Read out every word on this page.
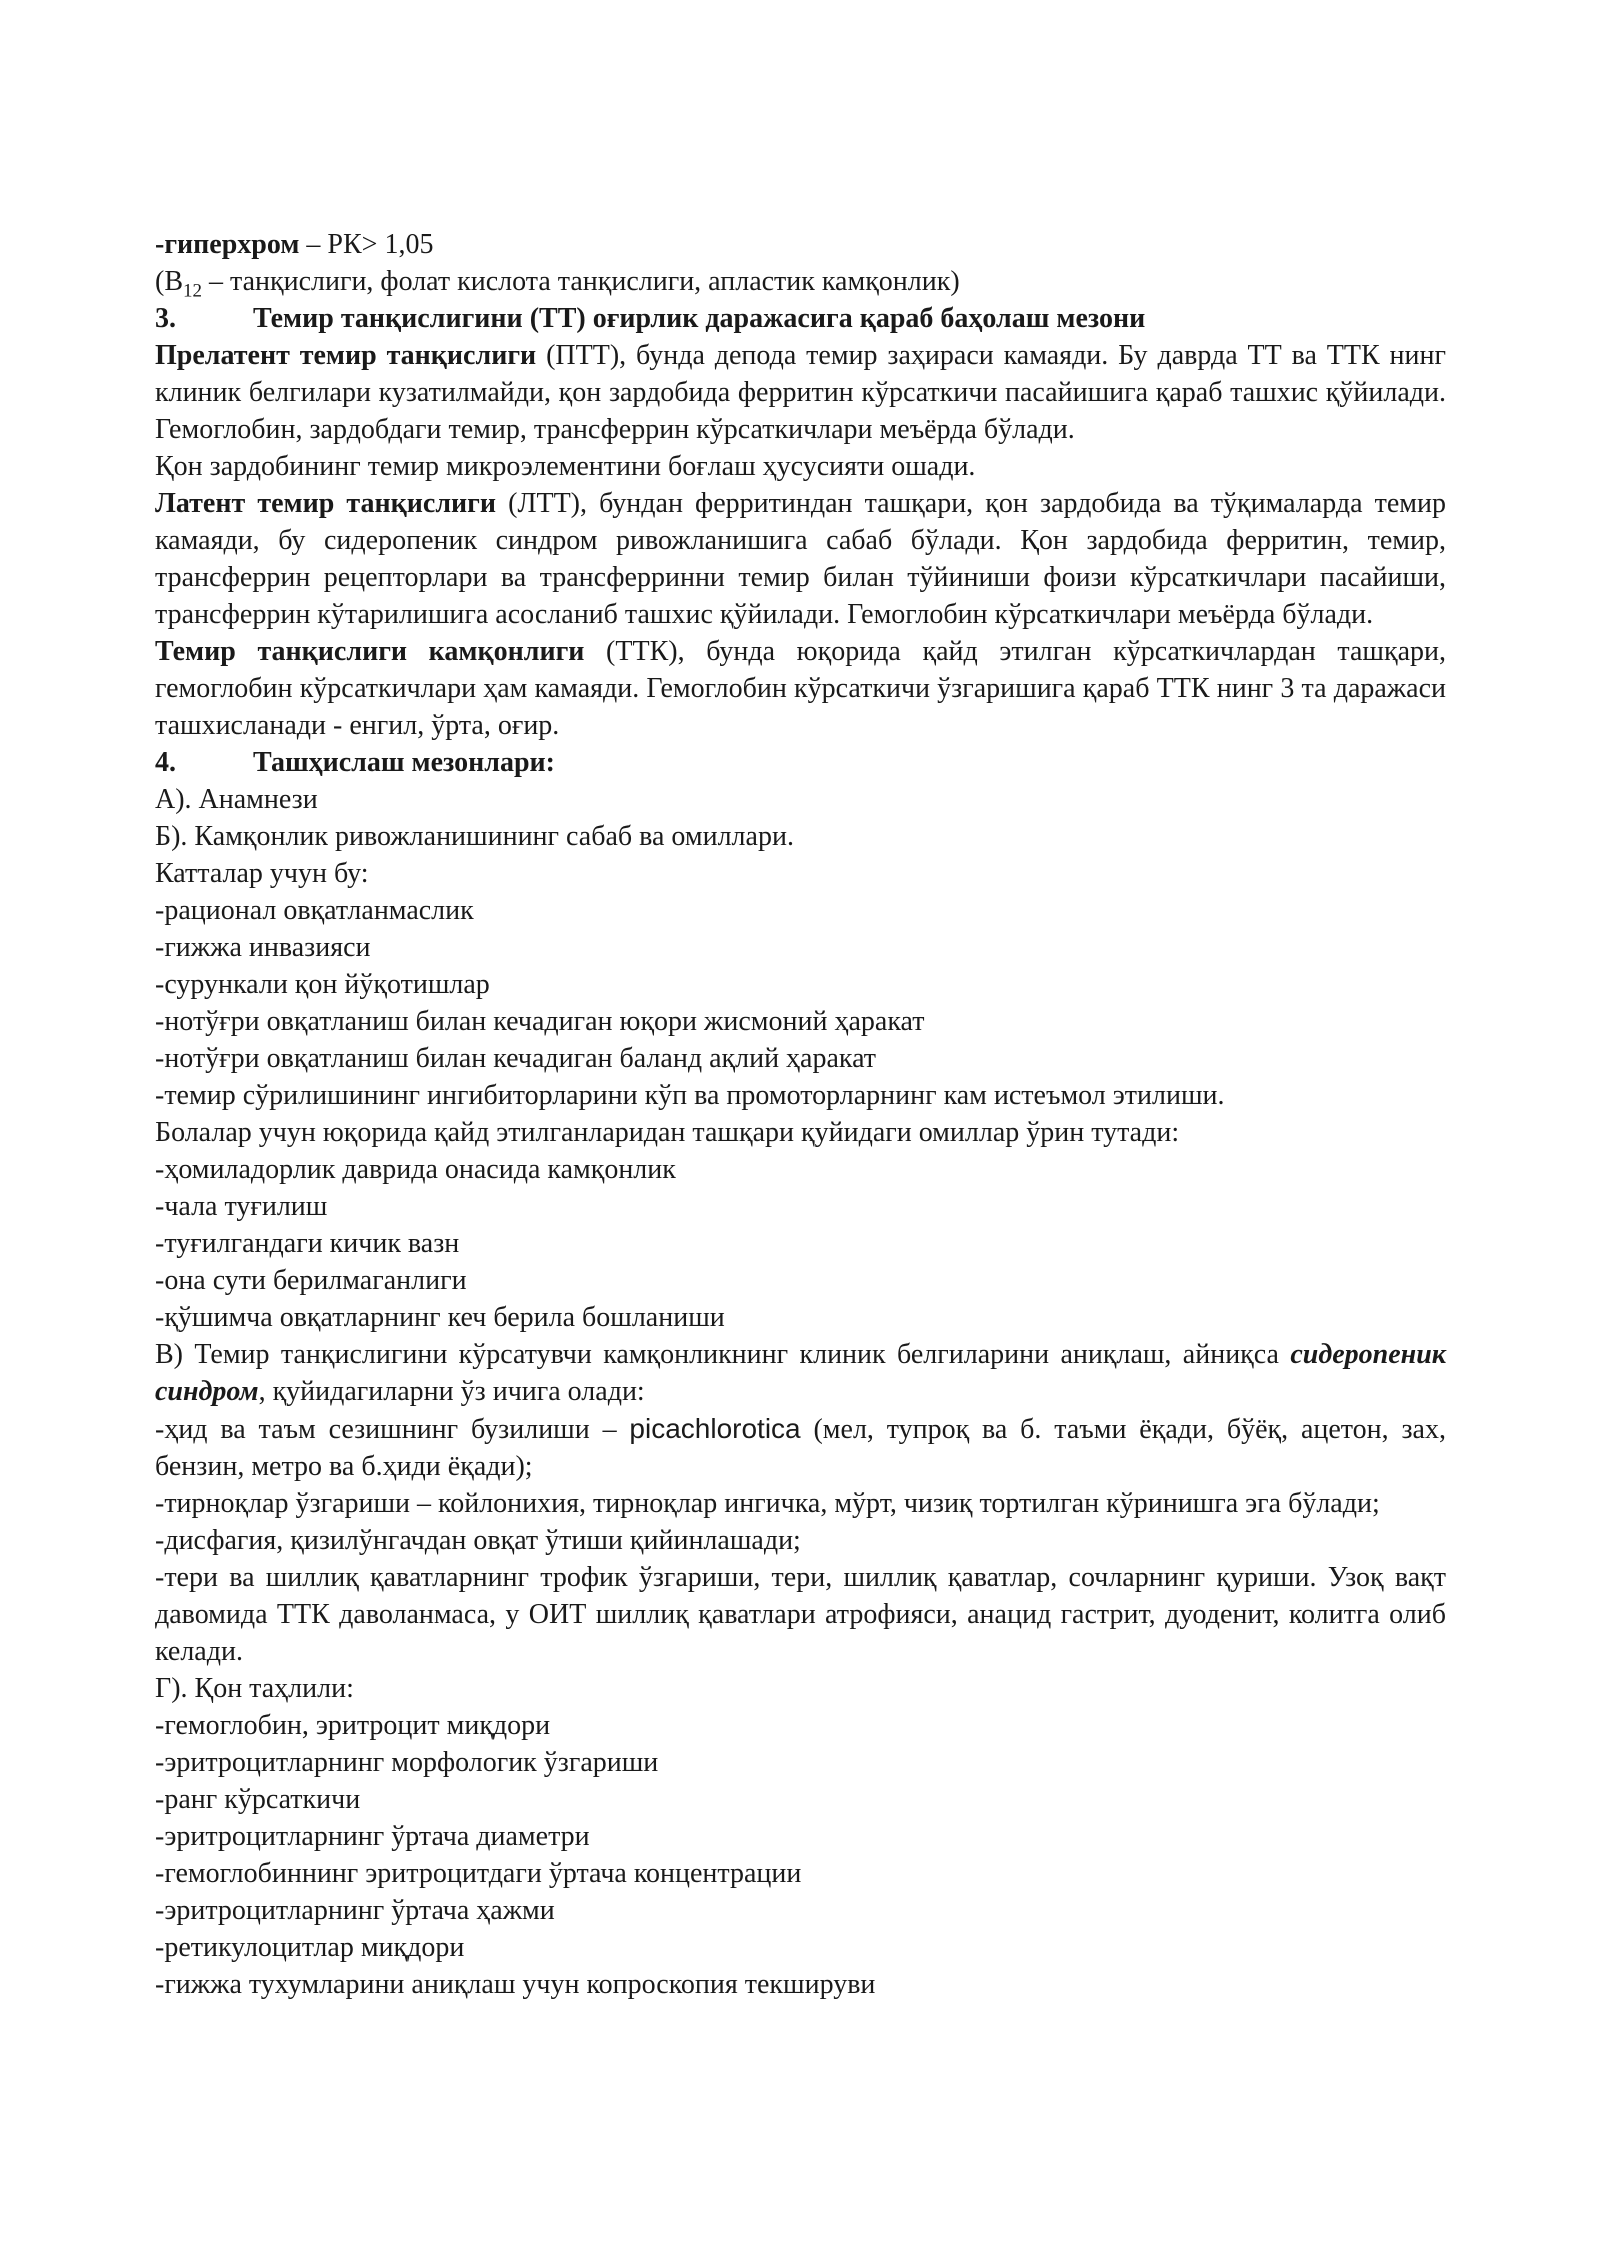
-гиперхром – РК> 1,05
($В_{12}$ – танқислиги, фолат кислота танқислиги, апластик камқонлик)
3.	Темир танқислигини (ТТ) оғирлик даражасига қараб баҳолаш мезони

Прелатент темир танқислиги (ПТТ), бунда депода темир заҳираси камаяди. Бу даврда ТТ ва ТТК нинг клиник белгилари кузатилмайди, қон зардобида ферритин кўрсаткичи пасайишига қараб ташхис қўйилади. Гемоглобин, зардобдаги темир, трансферрин кўрсаткичлари меъёрда бўлади.

Қон зардобининг темир микроэлементини боғлаш ҳусусияти ошади.

Латент темир танқислиги (ЛТТ), бундан ферритиндан ташқари, қон зардобида ва тўқималарда темир камаяди, бу сидеропеник синдром ривожланишига сабаб бўлади. Қон зардобида ферритин, темир, трансферрин рецепторлари ва трансферринни темир билан тўйиниши фоизи кўрсаткичлари пасайиши, трансферрин кўтарилишига асосланиб ташхис қўйилади. Гемоглобин кўрсаткичлари меъёрда бўлади.

Темир танқислиги камқонлиги (ТТК), бунда юқорида қайд этилган кўрсаткичлардан ташқари, гемоглобин кўрсаткичлари ҳам камаяди. Гемоглобин кўрсаткичи ўзгаришига қараб ТТК нинг 3 та даражаси ташхисланади - енгил, ўрта, оғир.

4.	Ташҳислаш мезонлари:
А). Анамнези
Б). Камқонлик ривожланишининг сабаб ва омиллари.
Катталар учун бу:
-рационал овқатланмаслик
-гижжа инвазияси
-сурункали қон йўқотишлар
-нотўғри овқатланиш билан кечадиган юқори жисмоний ҳаракат
-нотўғри овқатланиш билан кечадиган баланд ақлий ҳаракат
-темир сўрилишининг ингибиторларини кўп ва промоторларнинг кам истеъмол этилиши.
Болалар учун юқорида қайд этилганларидан ташқари қуйидаги омиллар ўрин тутади:
-ҳомиладорлик даврида онасида камқонлик
-чала туғилиш
-туғилгандаги кичик вазн
-она сути берилмаганлиги
-қўшимча овқатларнинг кеч берила бошланиши

В) Темир танқислигини кўрсатувчи камқонликнинг клиник белгиларини аниқлаш, айниқса сидеропеник синдром, қуйидагиларни ўз ичига олади:

-ҳид ва таъм сезишнинг бузилиши – picachlorotica (мел, тупроқ ва б. таъми ёқади, бўёқ, ацетон, зах, бензин, метро ва б.ҳиди ёқади);

-тирноқлар ўзгариши – койлонихия, тирноқлар ингичка, мўрт, чизиқ тортилган кўринишга эга бўлади;

-дисфагия, қизилўнгачдан овқат ўтиши қийинлашади;

-тери ва шиллиқ қаватларнинг трофик ўзгариши, тери, шиллиқ қаватлар, сочларнинг қуриши. Узоқ вақт давомида ТТК даволанмаса, у ОИТ шиллиқ қаватлари атрофияси, анацид гастрит, дуоденит, колитга олиб келади.

Г). Қон таҳлили:
-гемоглобин, эритроцит миқдори
-эритроцитларнинг морфологик ўзгариши
-ранг кўрсаткичи
-эритроцитларнинг ўртача диаметри
-гемоглобиннинг эритроцитдаги ўртача концентрации
-эритроцитларнинг ўртача ҳажми
-ретикулоцитлар миқдори
-гижжа тухумларини аниқлаш учун копроскопия текшируви
